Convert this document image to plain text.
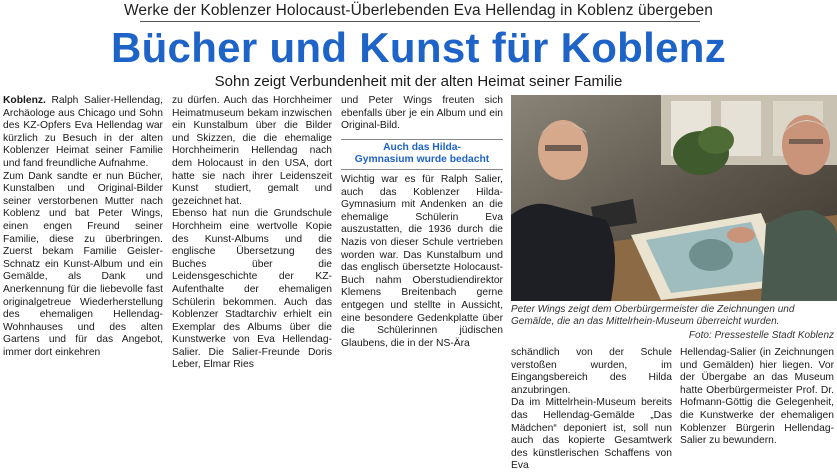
Werke der Koblenzer Holocaust-Überlebenden Eva Hellendag in Koblenz übergeben
Bücher und Kunst für Koblenz
Sohn zeigt Verbundenheit mit der alten Heimat seiner Familie

Koblenz. Ralph Salier-Hellendag, Archäologe aus Chicago und Sohn des KZ-Opfers Eva Hellendag war kürzlich zu Besuch in der alten Koblenzer Heimat seiner Familie und fand freundliche Aufnahme.

Zum Dank sandte er nun Bücher, Kunstalben und Original-Bilder seiner verstorbenen Mutter nach Koblenz und bat Peter Wings, einen engen Freund seiner Familie, diese zu überbringen. Zuerst bekam Familie Geisler-Schnatz ein Kunst-Album und ein Gemälde, als Dank und Anerkennung für die liebevolle fast originalgetreue Wiederherstellung des ehemaligen Hellendag-Wohnhauses und des alten Gartens und für das Angebot, immer dort einkehren

zu dürfen. Auch das Horchheimer Heimatmuseum bekam inzwischen ein Kunstalbum über die Bilder und Skizzen, die die ehemalige Horchheimerin Hellendag nach dem Holocaust in den USA, dort hatte sie nach ihrer Leidenszeit Kunst studiert, gemalt und gezeichnet hat.

Ebenso hat nun die Grundschule Horchheim eine wertvolle Kopie des Kunst-Albums und die englische Übersetzung des Buches über die Leidensgeschichte der KZ-Aufenthalte der ehemaligen Schülerin bekommen. Auch das Koblenzer Stadtarchiv erhielt ein Exemplar des Albums über die Kunstwerke von Eva Hellendag-Salier. Die Salier-Freunde Doris Leber, Elmar Ries

und Peter Wings freuten sich ebenfalls über je ein Album und ein Original-Bild.

Auch das Hilda-
Gymnasium wurde bedacht

Wichtig war es für Ralph Salier, auch das Koblenzer Hilda-Gymnasium mit Andenken an die ehemalige Schülerin Eva auszustatten, die 1936 durch die Nazis von dieser Schule vertrieben worden war. Das Kunstalbum und das englisch übersetzte Holocaust-Buch nahm Oberstudiendirektor Klemens Breitenbach gerne entgegen und stellte in Aussicht, eine besondere Gedenkplatte über die Schülerinnen jüdischen Glaubens, die in der NS-Ära

Peter Wings zeigt dem Oberbürgermeister die Zeichnungen und Gemälde, die an das Mittelrhein-Museum überreicht wurden.
Foto: Pressestelle Stadt Koblenz

schändlich von der Schule verstoßen wurden, im Eingangsbereich des Hilda anzubringen.

Da im Mittelrhein-Museum bereits das Hellendag-Gemälde „Das Mädchen“ deponiert ist, soll nun auch das kopierte Gesamtwerk des künstlerischen Schaffens von Eva

Hellendag-Salier (in Zeichnungen und Gemälden) hier liegen. Vor der Übergabe an das Museum hatte Oberbürgermeister Prof. Dr. Hofmann-Göttig die Gelegenheit, die Kunstwerke der ehemaligen Koblenzer Bürgerin Hellendag-Salier zu bewundern.
